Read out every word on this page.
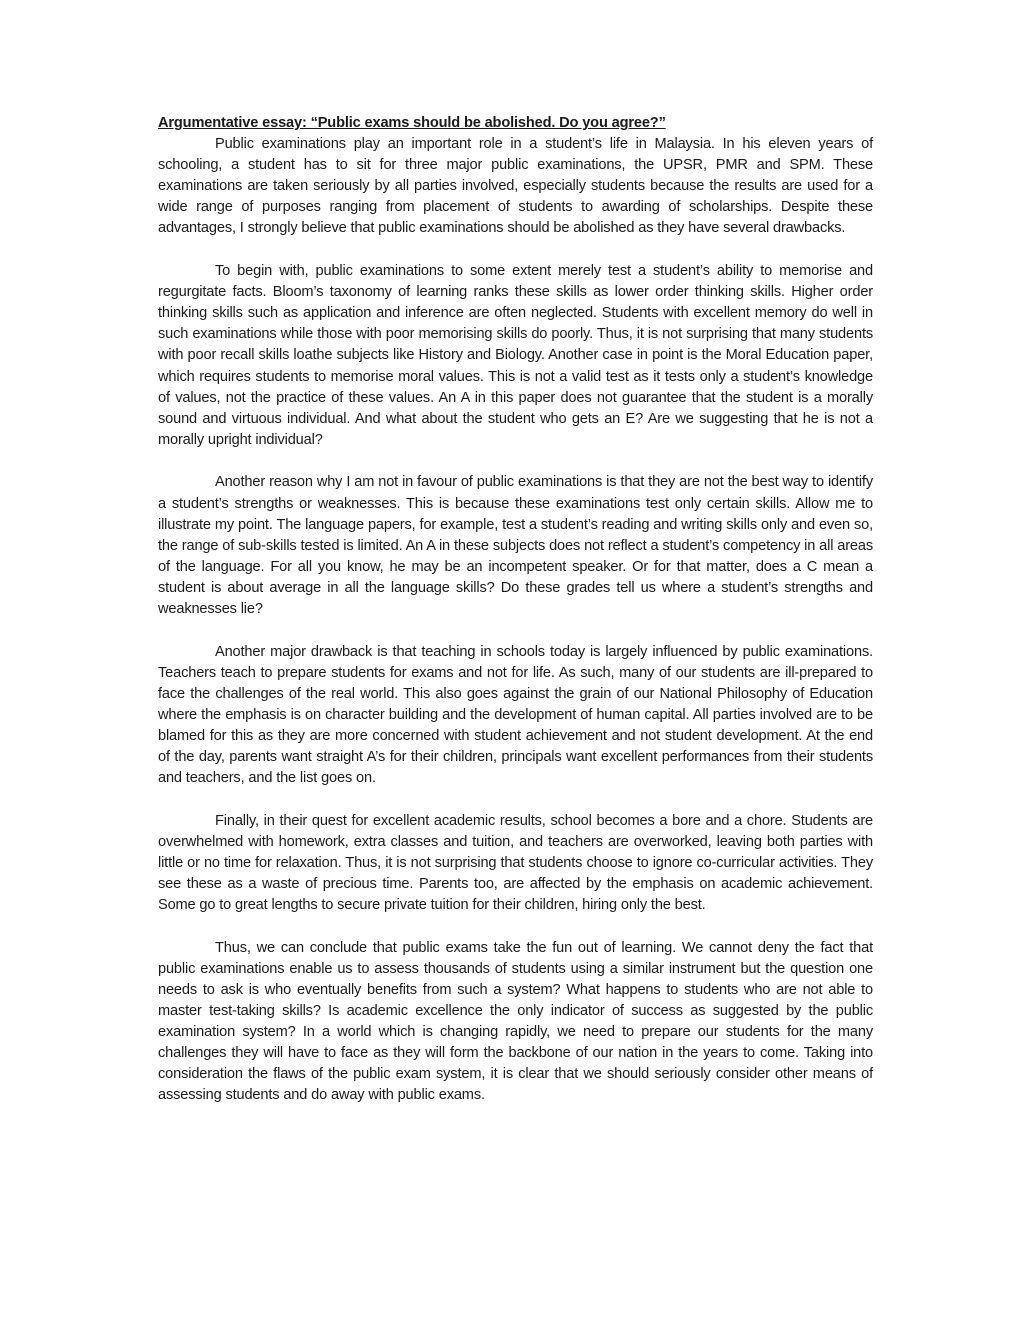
Argumentative essay: “Public exams should be abolished. Do you agree?”

Public examinations play an important role in a student’s life in Malaysia. In his eleven years of schooling, a student has to sit for three major public examinations, the UPSR, PMR and SPM. These examinations are taken seriously by all parties involved, especially students because the results are used for a wide range of purposes ranging from placement of students to awarding of scholarships. Despite these advantages, I strongly believe that public examinations should be abolished as they have several drawbacks.

To begin with, public examinations to some extent merely test a student’s ability to memorise and regurgitate facts. Bloom’s taxonomy of learning ranks these skills as lower order thinking skills. Higher order thinking skills such as application and inference are often neglected. Students with excellent memory do well in such examinations while those with poor memorising skills do poorly. Thus, it is not surprising that many students with poor recall skills loathe subjects like History and Biology. Another case in point is the Moral Education paper, which requires students to memorise moral values. This is not a valid test as it tests only a student’s knowledge of values, not the practice of these values. An A in this paper does not guarantee that the student is a morally sound and virtuous individual. And what about the student who gets an E? Are we suggesting that he is not a morally upright individual?

Another reason why I am not in favour of public examinations is that they are not the best way to identify a student’s strengths or weaknesses. This is because these examinations test only certain skills. Allow me to illustrate my point. The language papers, for example, test a student’s reading and writing skills only and even so, the range of sub-skills tested is limited. An A in these subjects does not reflect a student’s competency in all areas of the language. For all you know, he may be an incompetent speaker. Or for that matter, does a C mean a student is about average in all the language skills? Do these grades tell us where a student’s strengths and weaknesses lie?

Another major drawback is that teaching in schools today is largely influenced by public examinations. Teachers teach to prepare students for exams and not for life. As such, many of our students are ill-prepared to face the challenges of the real world. This also goes against the grain of our National Philosophy of Education where the emphasis is on character building and the development of human capital. All parties involved are to be blamed for this as they are more concerned with student achievement and not student development. At the end of the day, parents want straight A’s for their children, principals want excellent performances from their students and teachers, and the list goes on.

Finally, in their quest for excellent academic results, school becomes a bore and a chore. Students are overwhelmed with homework, extra classes and tuition, and teachers are overworked, leaving both parties with little or no time for relaxation. Thus, it is not surprising that students choose to ignore co-curricular activities. They see these as a waste of precious time. Parents too, are affected by the emphasis on academic achievement. Some go to great lengths to secure private tuition for their children, hiring only the best.

Thus, we can conclude that public exams take the fun out of learning. We cannot deny the fact that public examinations enable us to assess thousands of students using a similar instrument but the question one needs to ask is who eventually benefits from such a system? What happens to students who are not able to master test-taking skills? Is academic excellence the only indicator of success as suggested by the public examination system? In a world which is changing rapidly, we need to prepare our students for the many challenges they will have to face as they will form the backbone of our nation in the years to come. Taking into consideration the flaws of the public exam system, it is clear that we should seriously consider other means of assessing students and do away with public exams.
